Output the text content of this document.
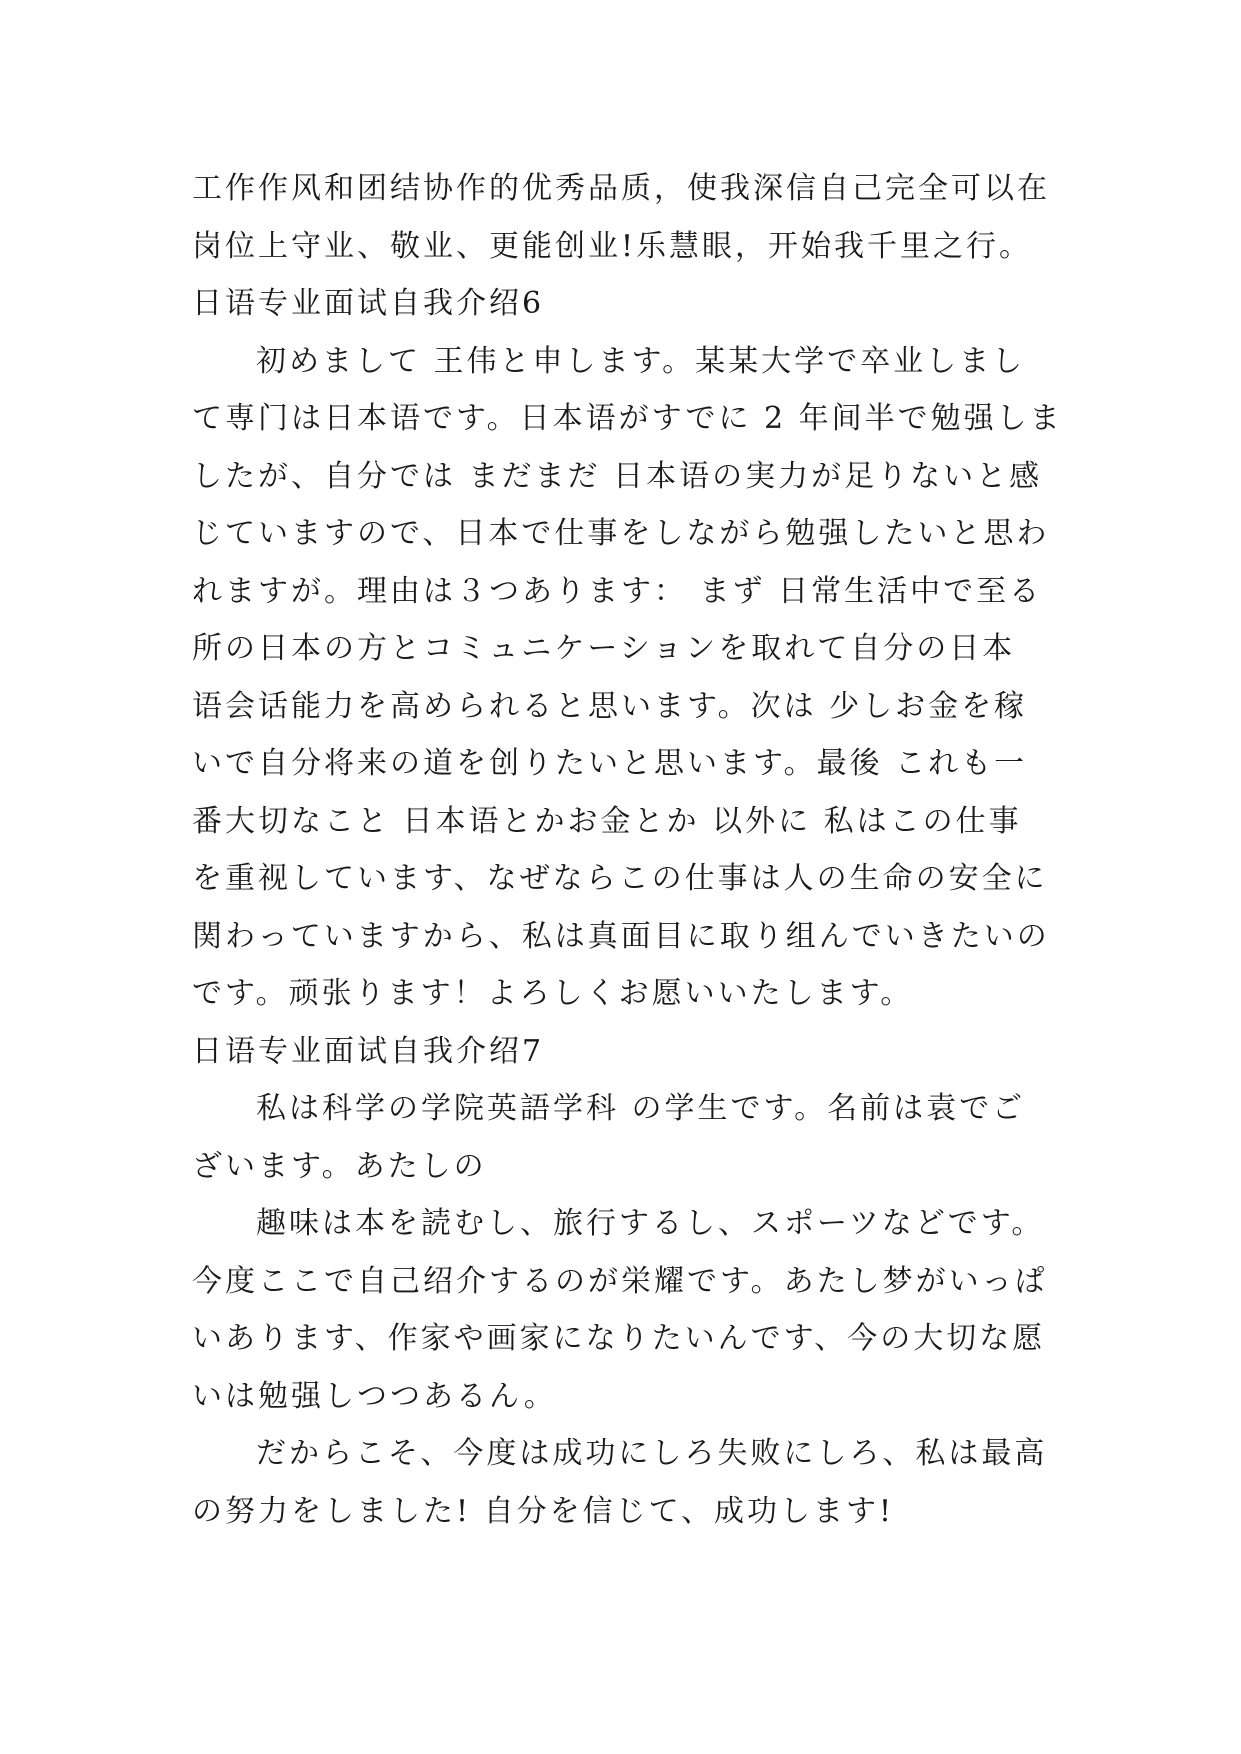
工作作风和团结协作的优秀品质，使我深信自己完全可以在
岗位上守业、敬业、更能创业!乐慧眼，开始我千里之行。
日语专业面试自我介绍6
初めまして 王伟と申します。某某大学で卒业しまし
て専门は日本语です。日本语がすでに 2 年间半で勉强しま
したが、自分では まだまだ 日本语の実力が足りないと感
じていますので、日本で仕事をしながら勉强したいと思わ
れますが。理由は３つあります： まず 日常生活中で至る
所の日本の方とコミュニケーションを取れて自分の日本
语会话能力を高められると思います。次は 少しお金を稼
いで自分将来の道を创りたいと思います。最後 これも一
番大切なこと 日本语とかお金とか 以外に 私はこの仕事
を重视しています、なぜならこの仕事は人の生命の安全に
関わっていますから、私は真面目に取り组んでいきたいの
です。顽张ります！よろしくお愿いいたします。
日语专业面试自我介绍7
私は科学の学院英語学科 の学生です。名前は袁でご
ざいます。あたしの
趣味は本を読むし、旅行するし、スポーツなどです。
今度ここで自己绍介するのが栄耀です。あたし梦がいっぱ
いあります、作家や画家になりたいんです、今の大切な愿
いは勉强しつつあるん。
だからこそ、今度は成功にしろ失败にしろ、私は最高
の努力をしました! 自分を信じて、成功します!
